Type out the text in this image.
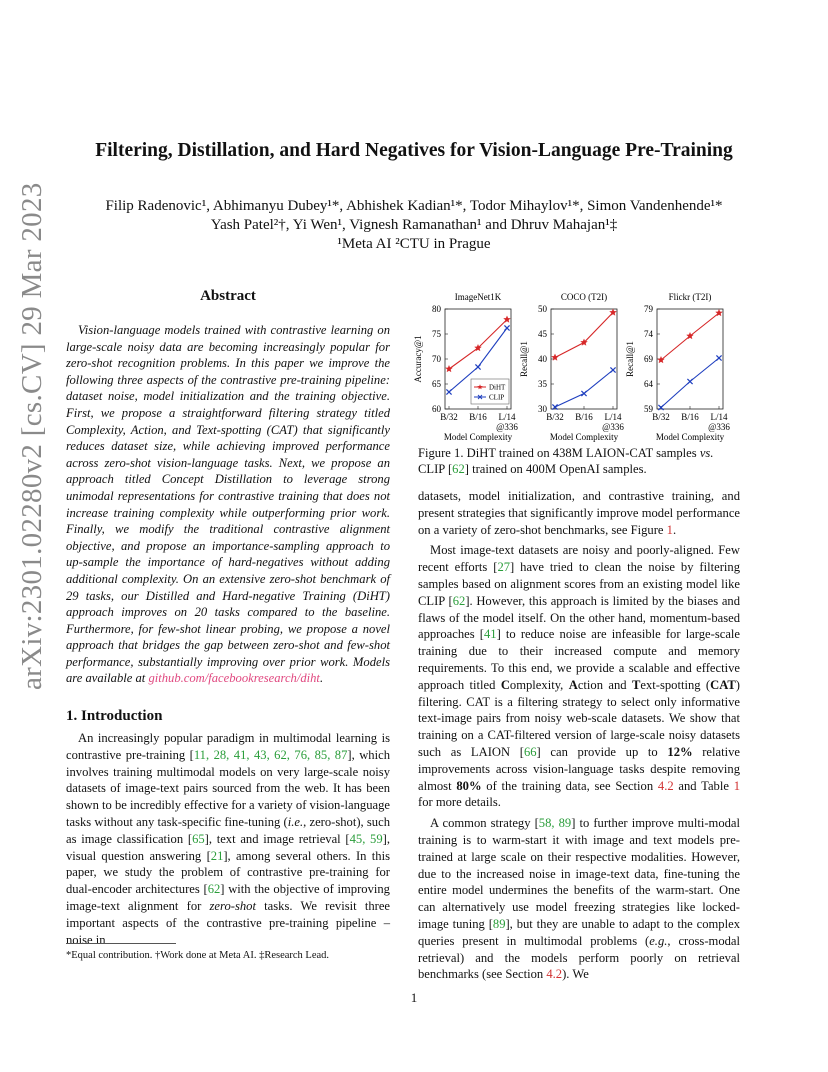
Filtering, Distillation, and Hard Negatives for Vision-Language Pre-Training
Filip Radenovic¹, Abhimanyu Dubey¹*, Abhishek Kadian¹*, Todor Mihaylov¹*, Simon Vandenhende¹*
Yash Patel²†, Yi Wen¹, Vignesh Ramanathan¹ and Dhruv Mahajan¹‡
¹Meta AI ²CTU in Prague
arXiv:2301.02280v2 [cs.CV] 29 Mar 2023	Abstract
Vision-language models trained with contrastive learning on large-scale noisy data are becoming increasingly popular for zero-shot recognition problems. In this paper we improve the following three aspects of the contrastive pre-training pipeline: dataset noise, model initialization and the training objective. First, we propose a straightforward filtering strategy titled Complexity, Action, and Text-spotting (CAT) that significantly reduces dataset size, while achieving improved performance across zero-shot vision-language tasks. Next, we propose an approach titled Concept Distillation to leverage strong unimodal representations for contrastive training that does not increase training complexity while outperforming prior work. Finally, we modify the traditional contrastive alignment objective, and propose an importance-sampling approach to up-sample the importance of hard-negatives without adding additional complexity. On an extensive zero-shot benchmark of 29 tasks, our Distilled and Hard-negative Training (DiHT) approach improves on 20 tasks compared to the baseline. Furthermore, for few-shot linear probing, we propose a novel approach that bridges the gap between zero-shot and few-shot performance, substantially improving over prior work. Models are available at github.com/facebookresearch/diht.
1. Introduction

An increasingly popular paradigm in multimodal learning is contrastive pre-training [11, 28, 41, 43, 62, 76, 85, 87], which involves training multimodal models on very large-scale noisy datasets of image-text pairs sourced from the web. It has been shown to be incredibly effective for a variety of vision-language tasks without any task-specific fine-tuning (i.e., zero-shot), such as image classification [65], text and image retrieval [45, 59], visual question answering [21], among several others. In this paper, we study the problem of contrastive pre-training for dual-encoder architectures [62] with the objective of improving image-text alignment for zero-shot tasks. We revisit three important aspects of the contrastive pre-training pipeline – noise in

*Equal contribution. †Work done at Meta AI. ‡Research Lead.
ImageNet1K
60
65
70
75
80
Accuracy@1
B/32 B/16 L/14
@336
Model Complexity
DiHT
CLIP
COCO (T2I)
30
35
40
45
50
Recall@1
B/32 B/16 L/14
@336
Model Complexity
Flickr (T2I)
59
64
69
74
79
Recall@1
B/32 B/16 L/14
@336
Model Complexity
Figure 1. DiHT trained on 438M LAION-CAT samples vs. CLIP [62] trained on 400M OpenAI samples.

datasets, model initialization, and contrastive training, and present strategies that significantly improve model performance on a variety of zero-shot benchmarks, see Figure 1.

Most image-text datasets are noisy and poorly-aligned. Few recent efforts [27] have tried to clean the noise by filtering samples based on alignment scores from an existing model like CLIP [62]. However, this approach is limited by the biases and flaws of the model itself. On the other hand, momentum-based approaches [41] to reduce noise are infeasible for large-scale training due to their increased compute and memory requirements. To this end, we provide a scalable and effective approach titled Complexity, Action and Text-spotting (CAT) filtering. CAT is a filtering strategy to select only informative text-image pairs from noisy web-scale datasets. We show that training on a CAT-filtered version of large-scale noisy datasets such as LAION [66] can provide up to 12% relative improvements across vision-language tasks despite removing almost 80% of the training data, see Section 4.2 and Table 1 for more details.

A common strategy [58, 89] to further improve multi-modal training is to warm-start it with image and text models pre-trained at large scale on their respective modalities. However, due to the increased noise in image-text data, fine-tuning the entire model undermines the benefits of the warm-start. One can alternatively use model freezing strategies like locked-image tuning [89], but they are unable to adapt to the complex queries present in multimodal problems (e.g., cross-modal retrieval) and the models perform poorly on retrieval benchmarks (see Section 4.2). We

1
